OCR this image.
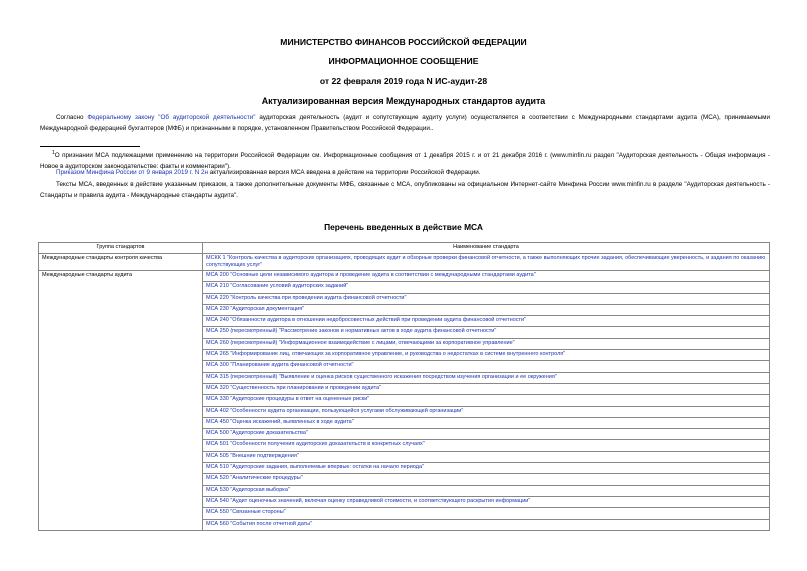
МИНИСТЕРСТВО ФИНАНСОВ РОССИЙСКОЙ ФЕДЕРАЦИИ
ИНФОРМАЦИОННОЕ СООБЩЕНИЕ
от 22 февраля 2019 года N ИС-аудит-28
Актуализированная версия Международных стандартов аудита
Согласно Федеральному закону "Об аудиторской деятельности" аудиторская деятельность (аудит и сопутствующие аудиту услуги) осуществляется в соответствии с Международными стандартами аудита (МСА), принимаемыми Международной федерацией бухгалтеров (МФБ) и признанными в порядке, установленном Правительством Российской Федерации..
$^1$О признании МСА подлежащими применению на территории Российской Федерации см. Информационные сообщения от 1 декабря 2015 г. и от 21 декабря 2016 г. (www.minfin.ru раздел "Аудиторская деятельность - Общая информация - Новое в аудиторском законодательстве: факты и комментарии").
Приказом Минфина России от 9 января 2019 г. N 2н актуализированная версия МСА введена в действие на территории Российской Федерации.
Тексты МСА, введенных в действие указанным приказом, а также дополнительные документы МФБ, связанные с МСА, опубликованы на официальном Интернет-сайте Минфина России www.minfin.ru в разделе "Аудиторская деятельность - Стандарты и правила аудита - Международные стандарты аудита".
Перечень введенных в действие МСА
Группа стандартов	Наименование стандарта
Международные стандарты контроля качества	МСКК 1 "Контроль качества в аудиторских организациях, проводящих аудит и обзорные проверки финансовой отчетности, а также выполняющих прочие задания, обеспечивающие уверенность, и задания по оказанию сопутствующих услуг"
Международные стандарты аудита	МСА 200 "Основные цели независимого аудитора и проведение аудита в соответствии с международными стандартами аудита"
	МСА 210 "Согласование условий аудиторских заданий"
	МСА 220 "Контроль качества при проведении аудита финансовой отчетности"
	МСА 230 "Аудиторская документация"
	МСА 240 "Обязанности аудитора в отношении недобросовестных действий при проведении аудита финансовой отчетности"
	МСА 250 (пересмотренный) "Рассмотрение законов и нормативных актов в ходе аудита финансовой отчетности"
	МСА 260 (пересмотренный) "Информационное взаимодействие с лицами, отвечающими за корпоративное управление"
	МСА 265 "Информирование лиц, отвечающих за корпоративное управление, и руководства о недостатках в системе внутреннего контроля"
	МСА 300 "Планирование аудита финансовой отчетности"
	МСА 315 (пересмотренный) "Выявление и оценка рисков существенного искажения посредством изучения организации и ее окружения"
	МСА 320 "Существенность при планировании и проведении аудита"
	МСА 330 "Аудиторские процедуры в ответ на оцененные риски"
	МСА 402 "Особенности аудита организации, пользующейся услугами обслуживающей организации"
	МСА 450 "Оценка искажений, выявленных в ходе аудита"
	МСА 500 "Аудиторские доказательства"
	МСА 501 "Особенности получения аудиторских доказательств в конкретных случаях"
	МСА 505 "Внешние подтверждения"
	МСА 510 "Аудиторские задания, выполняемые впервые: остатки на начало периода"
	МСА 520 "Аналитические процедуры"
	МСА 530 "Аудиторская выборка"
	МСА 540 "Аудит оценочных значений, включая оценку справедливой стоимости, и соответствующего раскрытия информации"
	МСА 550 "Связанные стороны"
	МСА 560 "События после отчетной даты"
